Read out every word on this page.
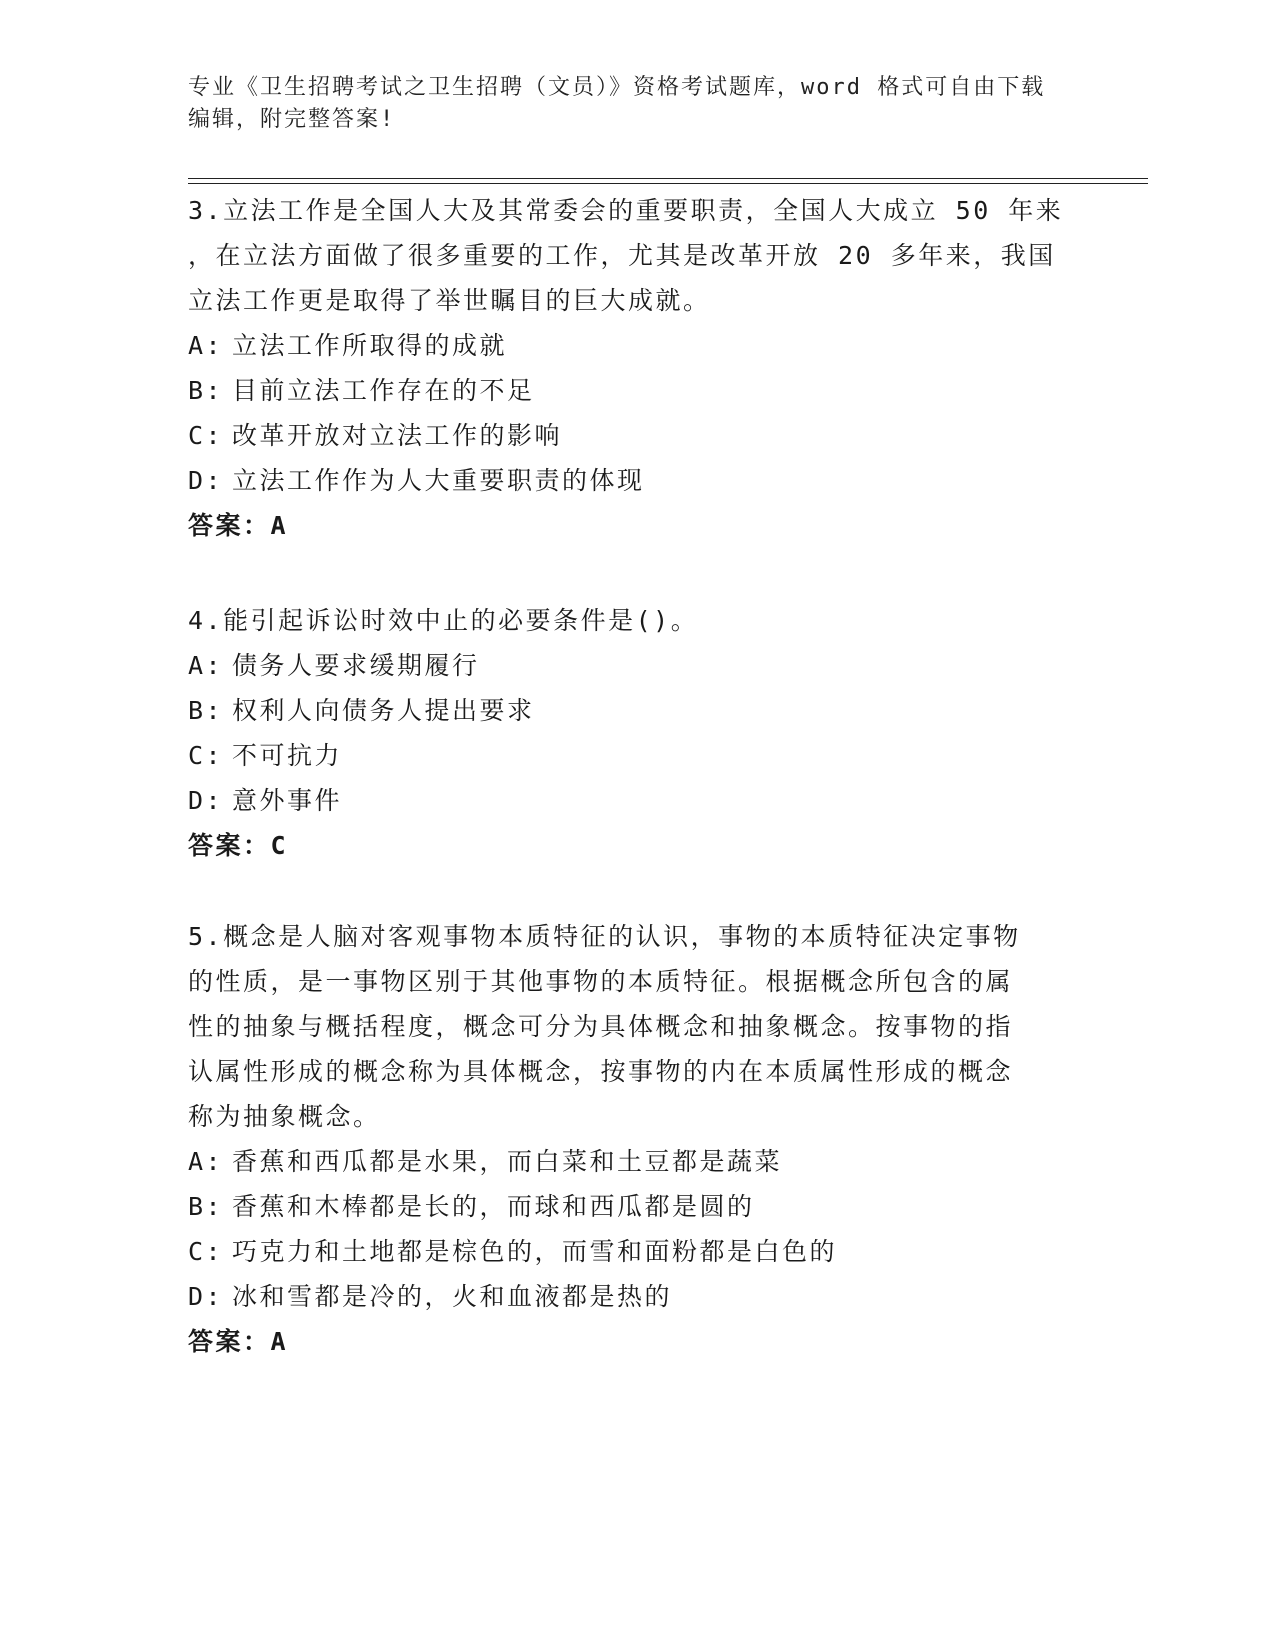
专业《卫生招聘考试之卫生招聘（文员）》资格考试题库，word 格式可自由下载
编辑，附完整答案!
3.立法工作是全国人大及其常委会的重要职责，全国人大成立 50 年来
，在立法方面做了很多重要的工作，尤其是改革开放 20 多年来，我国
立法工作更是取得了举世瞩目的巨大成就。
A: 立法工作所取得的成就
B: 目前立法工作存在的不足
C: 改革开放对立法工作的影响
D: 立法工作作为人大重要职责的体现
答案：A
4.能引起诉讼时效中止的必要条件是()。
A: 债务人要求缓期履行
B: 权利人向债务人提出要求
C: 不可抗力
D: 意外事件
答案：C
5.概念是人脑对客观事物本质特征的认识，事物的本质特征决定事物
的性质，是一事物区别于其他事物的本质特征。根据概念所包含的属
性的抽象与概括程度，概念可分为具体概念和抽象概念。按事物的指
认属性形成的概念称为具体概念，按事物的内在本质属性形成的概念
称为抽象概念。
A: 香蕉和西瓜都是水果，而白菜和土豆都是蔬菜
B: 香蕉和木棒都是长的，而球和西瓜都是圆的
C: 巧克力和土地都是棕色的，而雪和面粉都是白色的
D: 冰和雪都是冷的，火和血液都是热的
答案：A
